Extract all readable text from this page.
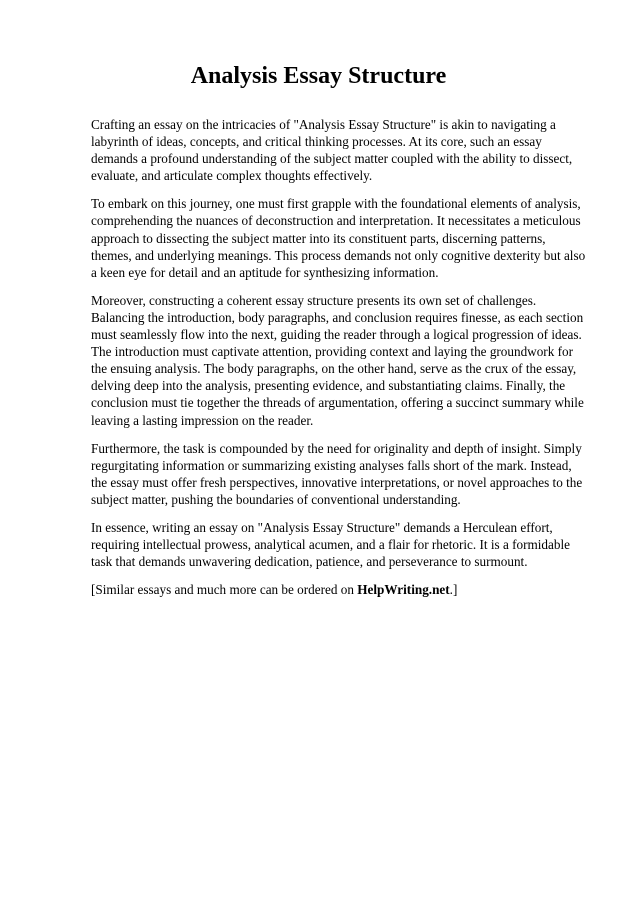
Analysis Essay Structure

Crafting an essay on the intricacies of "Analysis Essay Structure" is akin to navigating a labyrinth of ideas, concepts, and critical thinking processes. At its core, such an essay demands a profound understanding of the subject matter coupled with the ability to dissect, evaluate, and articulate complex thoughts effectively.

To embark on this journey, one must first grapple with the foundational elements of analysis, comprehending the nuances of deconstruction and interpretation. It necessitates a meticulous approach to dissecting the subject matter into its constituent parts, discerning patterns, themes, and underlying meanings. This process demands not only cognitive dexterity but also a keen eye for detail and an aptitude for synthesizing information.

Moreover, constructing a coherent essay structure presents its own set of challenges. Balancing the introduction, body paragraphs, and conclusion requires finesse, as each section must seamlessly flow into the next, guiding the reader through a logical progression of ideas. The introduction must captivate attention, providing context and laying the groundwork for the ensuing analysis. The body paragraphs, on the other hand, serve as the crux of the essay, delving deep into the analysis, presenting evidence, and substantiating claims. Finally, the conclusion must tie together the threads of argumentation, offering a succinct summary while leaving a lasting impression on the reader.

Furthermore, the task is compounded by the need for originality and depth of insight. Simply regurgitating information or summarizing existing analyses falls short of the mark. Instead, the essay must offer fresh perspectives, innovative interpretations, or novel approaches to the subject matter, pushing the boundaries of conventional understanding.

In essence, writing an essay on "Analysis Essay Structure" demands a Herculean effort, requiring intellectual prowess, analytical acumen, and a flair for rhetoric. It is a formidable task that demands unwavering dedication, patience, and perseverance to surmount.

[Similar essays and much more can be ordered on HelpWriting.net.]
